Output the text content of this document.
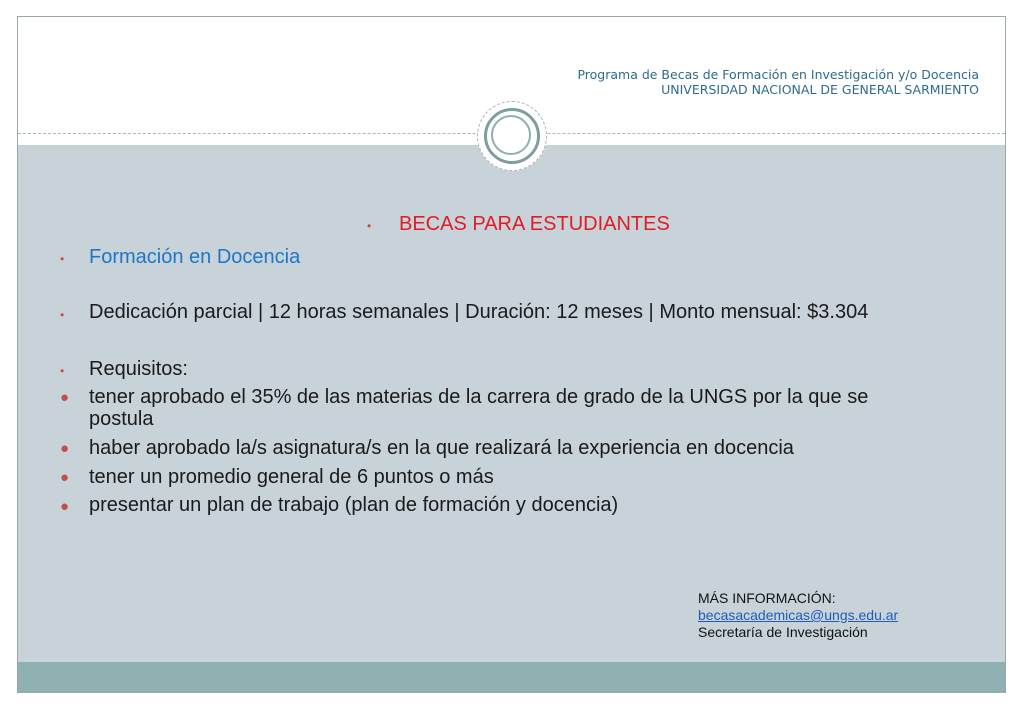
Programa de Becas de Formación en Investigación y/o Docencia
UNIVERSIDAD NACIONAL DE GENERAL SARMIENTO
• BECAS PARA ESTUDIANTES
• Formación en Docencia
• Dedicación parcial | 12 horas semanales | Duración: 12 meses | Monto mensual: $3.304
• Requisitos:
● tener aprobado el 35% de las materias de la carrera de grado de la UNGS por la que se
postula
● haber aprobado la/s asignatura/s en la que realizará la experiencia en docencia
● tener un promedio general de 6 puntos o más
● presentar un plan de trabajo (plan de formación y docencia)
MÁS INFORMACIÓN:
becasacademicas@ungs.edu.ar
Secretaría de Investigación
